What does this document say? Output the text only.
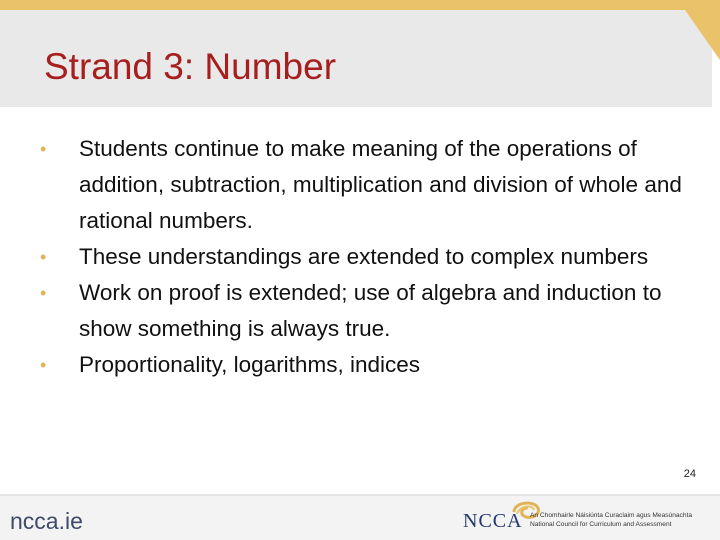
Strand 3: Number
• Students continue to make meaning of the operations of addition, subtraction, multiplication and division of whole and rational numbers.
• These understandings are extended to complex numbers
• Work on proof is extended; use of algebra and induction to show something is always true.
• Proportionality, logarithms, indices
24
ncca.ie	NCCA An Chomhairle Náisiúnta Curaclaim agus Measúnachta
National Council for Curriculum and Assessment
